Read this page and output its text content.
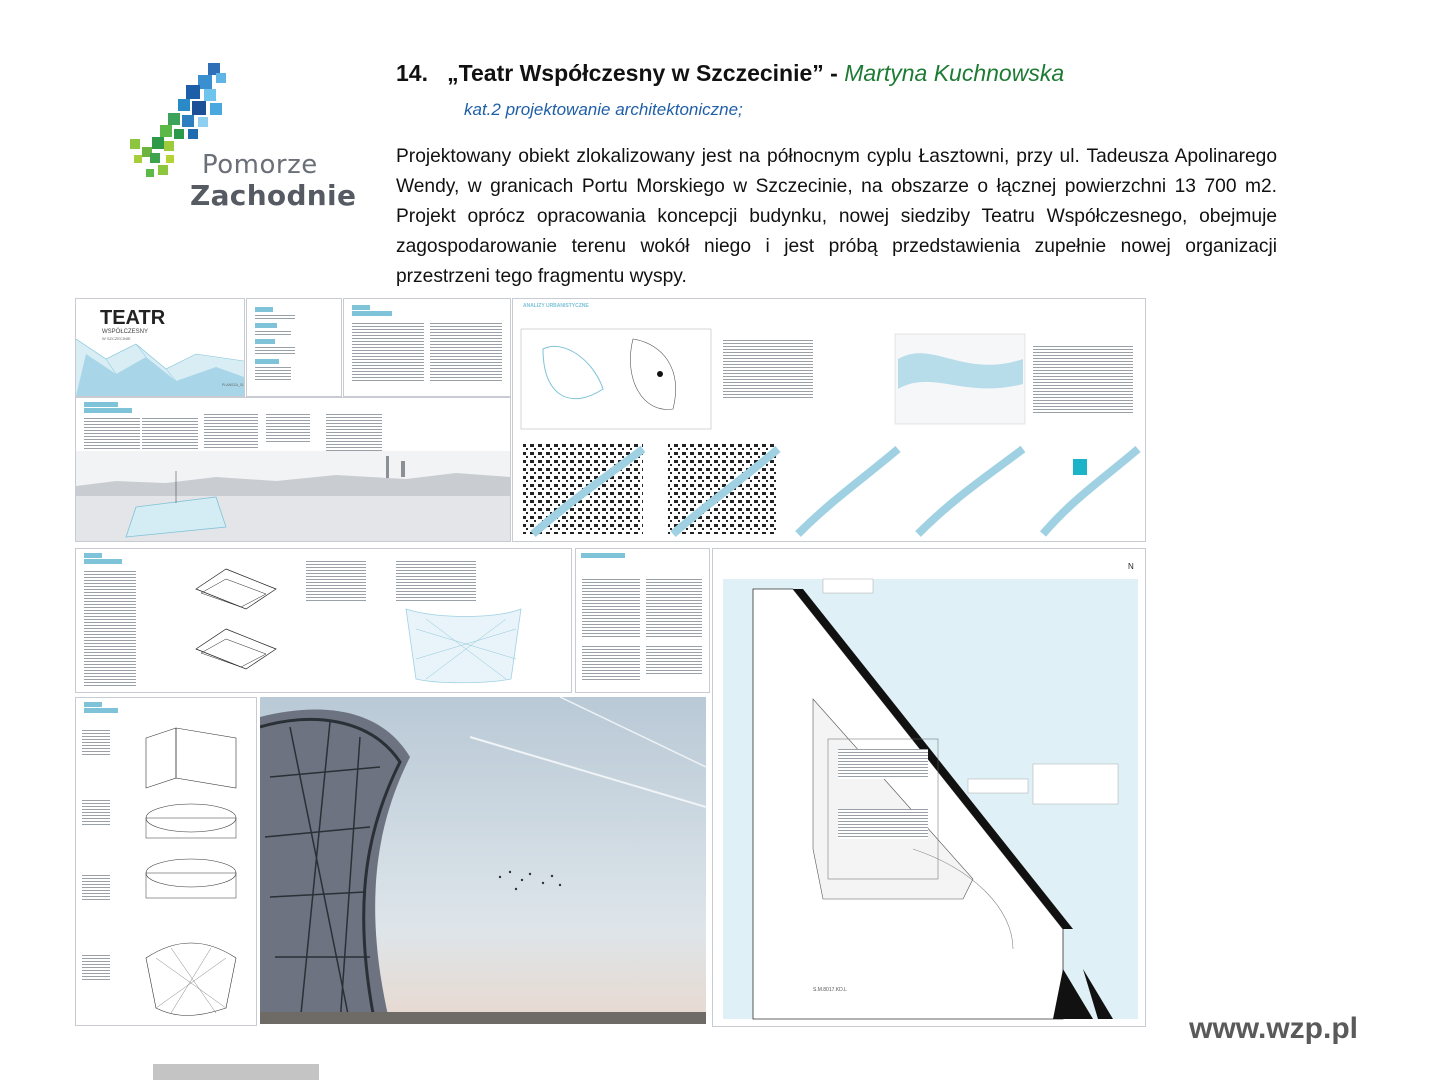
Pomorze
Zachodnie
14. „Teatr Współczesny w Szczecinie” - Martyna Kuchnowska
kat.2 projektowanie architektoniczne;
Projektowany obiekt zlokalizowany jest na północnym cyplu Łasztowni, przy ul. Tadeusza Apolinarego Wendy, w granicach Portu Morskiego w Szczecinie, na obszarze o łącznej powierzchni 13 700 m2. Projekt oprócz opracowania koncepcji budynku, nowej siedziby Teatru Współczesnego, obejmuje zagospodarowanie terenu wokół niego i jest próbą przedstawienia zupełnie nowej organizacji przestrzeni tego fragmentu wyspy.
TEATR
WSPÓŁCZESNY
W SZCZECINIE
PLANSZA_01
ANALIZY URBANISTYCZNE
N
S.M.8017.KD.L
www.wzp.pl
